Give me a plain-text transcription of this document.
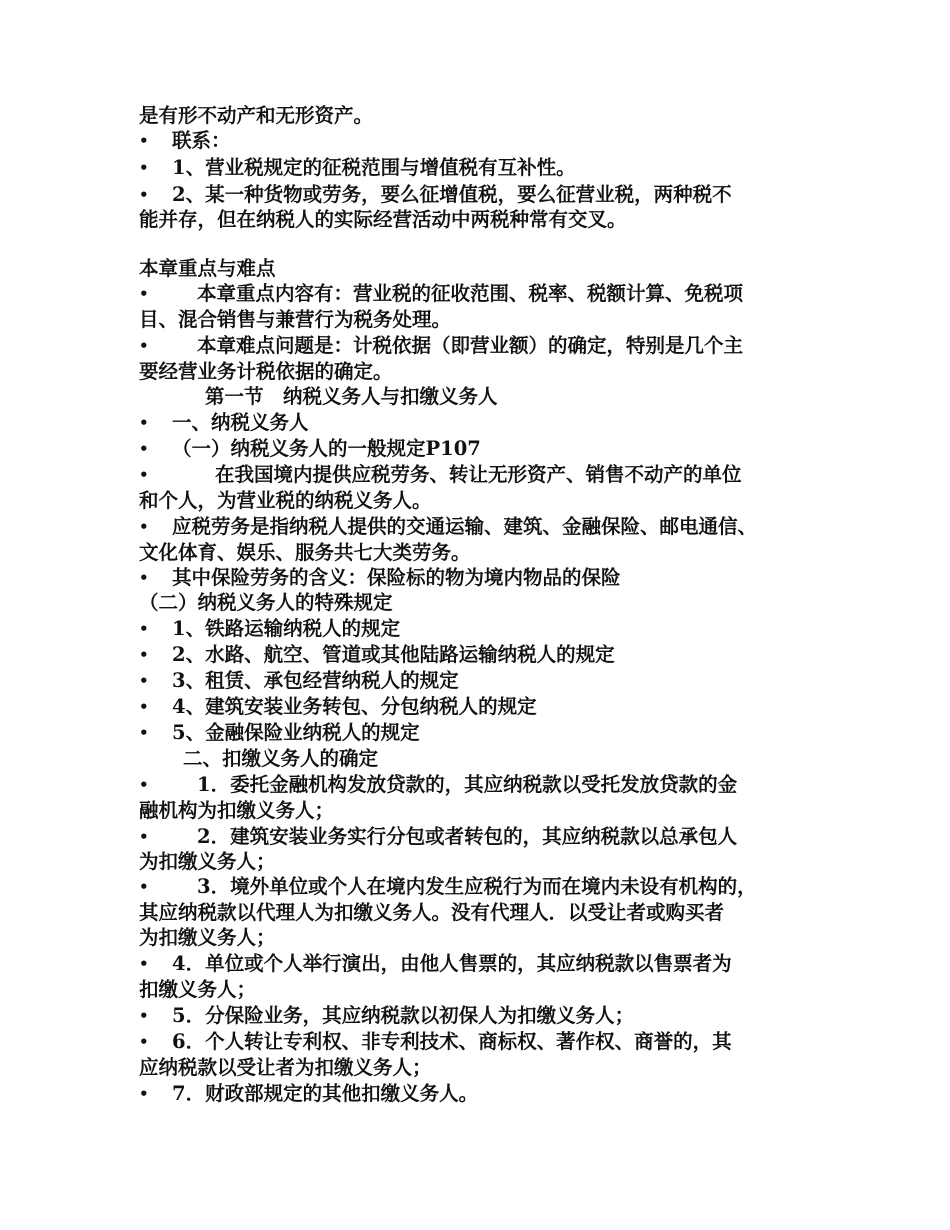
是有形不动产和无形资产。
• 联系：
• 1、营业税规定的征税范围与增值税有互补性。
• 2、某一种货物或劳务，要么征增值税，要么征营业税，两种税不
能并存，但在纳税人的实际经营活动中两税种常有交叉。
本章重点与难点
• 本章重点内容有：营业税的征收范围、税率、税额计算、免税项
目、混合销售与兼营行为税务处理。
• 本章难点问题是：计税依据（即营业额）的确定，特别是几个主
要经营业务计税依据的确定。
第一节　纳税义务人与扣缴义务人
• 一、纳税义务人
• （一）纳税义务人的一般规定P107
•	在我国境内提供应税劳务、转让无形资产、销售不动产的单位
和个人，为营业税的纳税义务人。
• 应税劳务是指纳税人提供的交通运输、建筑、金融保险、邮电通信、
文化体育、娱乐、服务共七大类劳务。
• 其中保险劳务的含义：保险标的物为境内物品的保险
（二）纳税义务人的特殊规定
• 1、铁路运输纳税人的规定
• 2、水路、航空、管道或其他陆路运输纳税人的规定
• 3、租赁、承包经营纳税人的规定
• 4、建筑安装业务转包、分包纳税人的规定
• 5、金融保险业纳税人的规定
二、扣缴义务人的确定
• 1．委托金融机构发放贷款的，其应纳税款以受托发放贷款的金
融机构为扣缴义务人；
• 2．建筑安装业务实行分包或者转包的，其应纳税款以总承包人
为扣缴义务人；
• 3．境外单位或个人在境内发生应税行为而在境内未设有机构的，
其应纳税款以代理人为扣缴义务人。没有代理人．以受让者或购买者
为扣缴义务人；
• 4．单位或个人举行演出，由他人售票的，其应纳税款以售票者为
扣缴义务人；
• 5．分保险业务，其应纳税款以初保人为扣缴义务人；
• 6．个人转让专利权、非专利技术、商标权、著作权、商誉的，其
应纳税款以受让者为扣缴义务人；
• 7．财政部规定的其他扣缴义务人。
